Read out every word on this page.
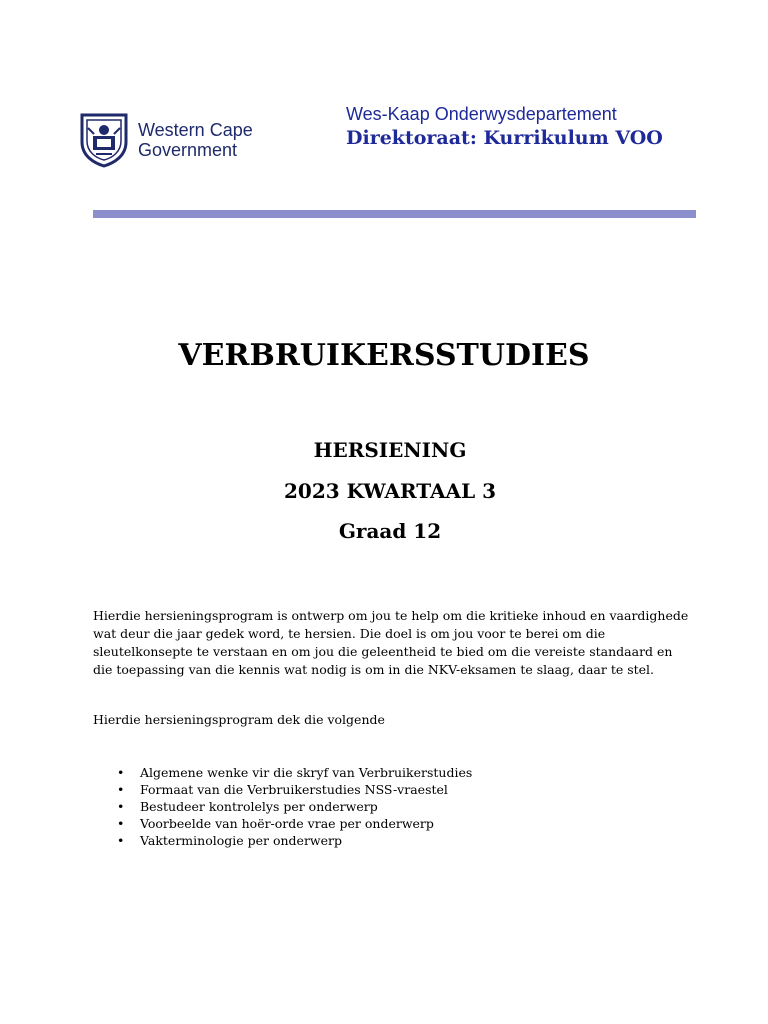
Western Cape
Government
Wes-Kaap Onderwysdepartement
Direktoraat: Kurrikulum VOO
VERBRUIKERSSTUDIES
HERSIENING
2023 KWARTAAL 3
Graad 12

Hierdie hersieningsprogram is ontwerp om jou te help om die kritieke inhoud en vaardighede wat deur die jaar gedek word, te hersien. Die doel is om jou voor te berei om die sleutelkonsepte te verstaan en om jou die geleentheid te bied om die vereiste standaard en die toepassing van die kennis wat nodig is om in die NKV-eksamen te slaag, daar te stel.

Hierdie hersieningsprogram dek die volgende

• Algemene wenke vir die skryf van Verbruikerstudies
• Formaat van die Verbruikerstudies NSS-vraestel
• Bestudeer kontrolelys per onderwerp
• Voorbeelde van hoër-orde vrae per onderwerp
• Vakterminologie per onderwerp
